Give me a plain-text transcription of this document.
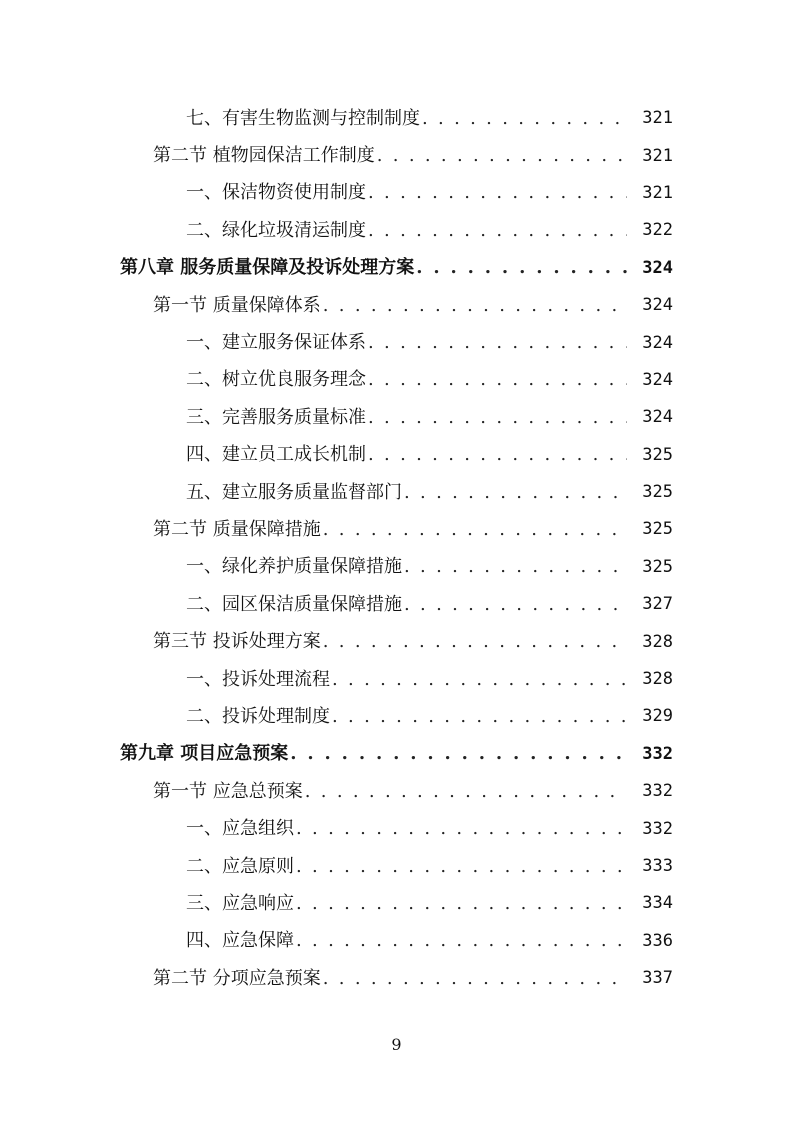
七、有害生物监测与控制制度 . . .	321
第二节 植物园保洁工作制度 . . .	321
一、保洁物资使用制度 . . .	321
二、绿化垃圾清运制度 . . .	322
第八章 服务质量保障及投诉处理方案 . . .	324
第一节 质量保障体系 . . .	324
一、建立服务保证体系 . . .	324
二、树立优良服务理念 . . .	324
三、完善服务质量标准 . . .	324
四、建立员工成长机制 . . .	325
五、建立服务质量监督部门 . . .	325
第二节 质量保障措施 . . .	325
一、绿化养护质量保障措施 . . .	325
二、园区保洁质量保障措施 . . .	327
第三节 投诉处理方案 . . .	328
一、投诉处理流程 . . .	328
二、投诉处理制度 . . .	329
第九章 项目应急预案 . . .	332
第一节 应急总预案 . . .	332
一、应急组织 . . .	332
二、应急原则 . . .	333
三、应急响应 . . .	334
四、应急保障 . . .	336
第二节 分项应急预案 . . .	337
9
